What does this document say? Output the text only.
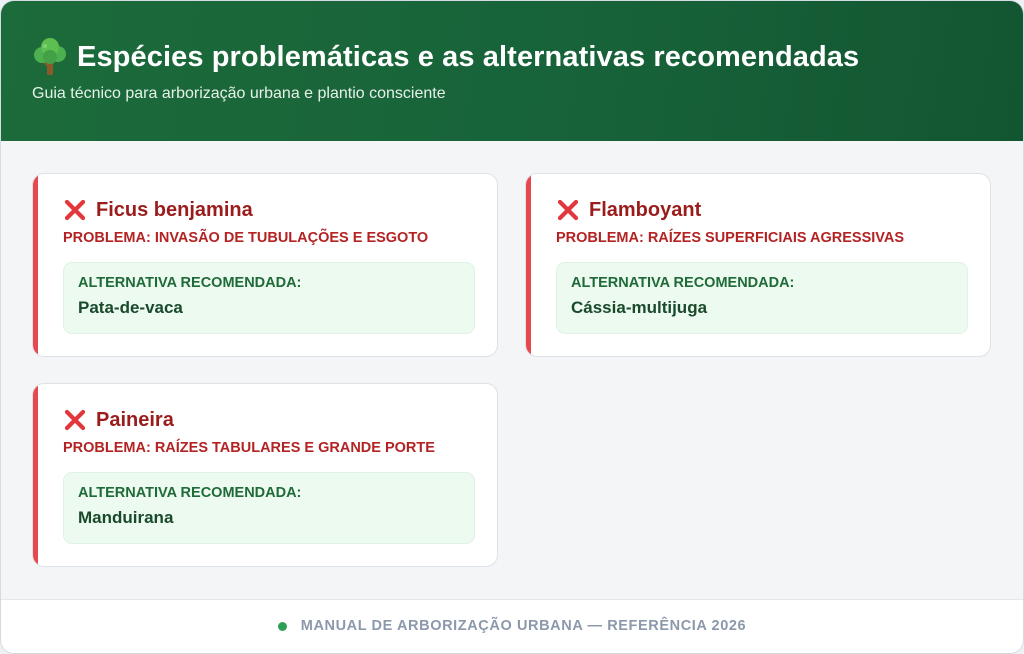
Espécies problemáticas e as alternativas recomendadas
Guia técnico para arborização urbana e plantio consciente
Ficus benjamina
PROBLEMA: INVASÃO DE TUBULAÇÕES E ESGOTO
ALTERNATIVA RECOMENDADA:
Pata-de-vaca
Flamboyant
PROBLEMA: RAÍZES SUPERFICIAIS AGRESSIVAS
ALTERNATIVA RECOMENDADA:
Cássia-multijuga
Paineira
PROBLEMA: RAÍZES TABULARES E GRANDE PORTE
ALTERNATIVA RECOMENDADA:
Manduirana
MANUAL DE ARBORIZAÇÃO URBANA — REFERÊNCIA 2026
